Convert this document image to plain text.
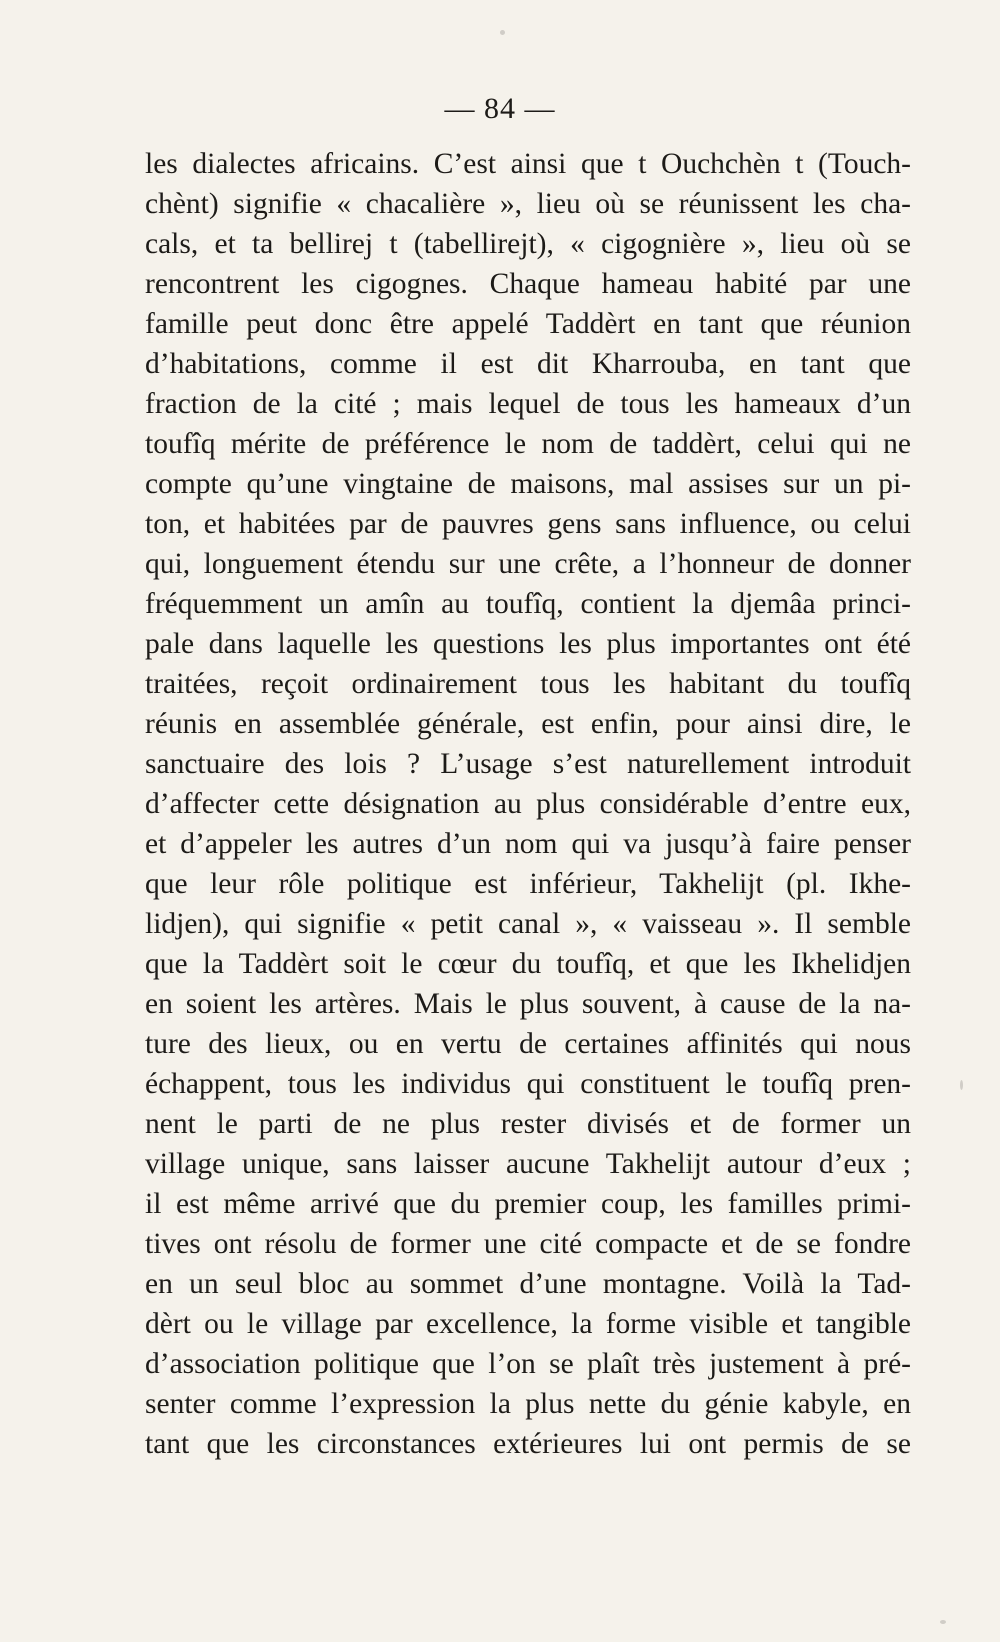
— 84 —
les dialectes africains. C’est ainsi que t Ouchchèn t (Touch-
chènt) signifie « chacalière », lieu où se réunissent les cha-
cals, et ta bellirej t (tabellirejt), « cigognière », lieu où se
rencontrent les cigognes. Chaque hameau habité par une
famille peut donc être appelé Taddèrt en tant que réunion
d’habitations, comme il est dit Kharrouba, en tant que
fraction de la cité ; mais lequel de tous les hameaux d’un
toufîq mérite de préférence le nom de taddèrt, celui qui ne
compte qu’une vingtaine de maisons, mal assises sur un pi-
ton, et habitées par de pauvres gens sans influence, ou celui
qui, longuement étendu sur une crête, a l’honneur de donner
fréquemment un amîn au toufîq, contient la djemâa princi-
pale dans laquelle les questions les plus importantes ont été
traitées, reçoit ordinairement tous les habitant du toufîq
réunis en assemblée générale, est enfin, pour ainsi dire, le
sanctuaire des lois ? L’usage s’est naturellement introduit
d’affecter cette désignation au plus considérable d’entre eux,
et d’appeler les autres d’un nom qui va jusqu’à faire penser
que leur rôle politique est inférieur, Takhelijt (pl. Ikhe-
lidjen), qui signifie « petit canal », « vaisseau ». Il semble
que la Taddèrt soit le cœur du toufîq, et que les Ikhelidjen
en soient les artères. Mais le plus souvent, à cause de la na-
ture des lieux, ou en vertu de certaines affinités qui nous
échappent, tous les individus qui constituent le toufîq pren-
nent le parti de ne plus rester divisés et de former un
village unique, sans laisser aucune Takhelijt autour d’eux ;
il est même arrivé que du premier coup, les familles primi-
tives ont résolu de former une cité compacte et de se fondre
en un seul bloc au sommet d’une montagne. Voilà la Tad-
dèrt ou le village par excellence, la forme visible et tangible
d’association politique que l’on se plaît très justement à pré-
senter comme l’expression la plus nette du génie kabyle, en
tant que les circonstances extérieures lui ont permis de se
